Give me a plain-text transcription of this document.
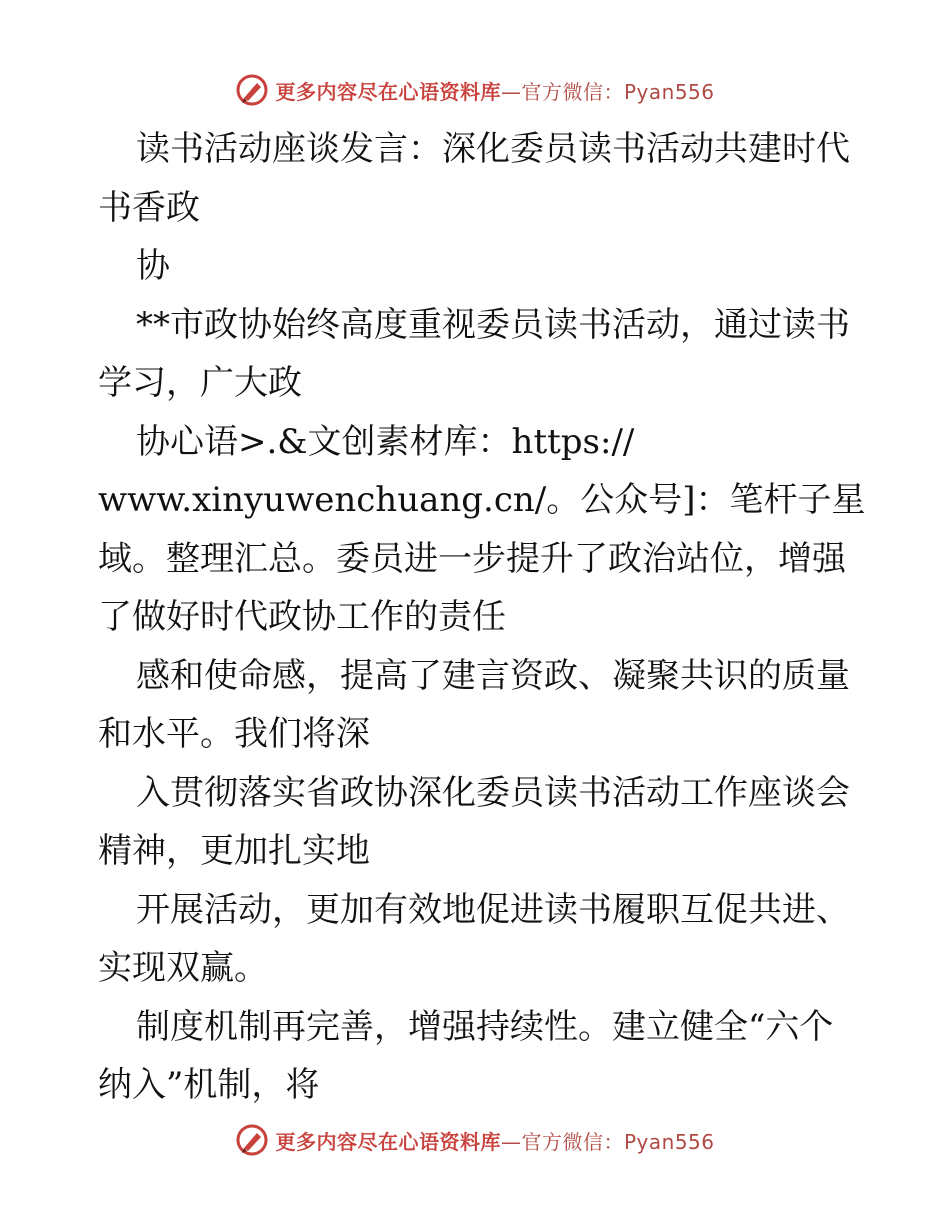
更多内容尽在心语资料库—官方微信：Pyan556
读书活动座谈发言：深化委员读书活动共建时代
书香政
协
**市政协始终高度重视委员读书活动，通过读书
学习，广大政
协心语>.&文创素材库：https://
www.xinyuwenchuang.cn/。公众号]：笔杆子星
域。整理汇总。委员进一步提升了政治站位，增强
了做好时代政协工作的责任
感和使命感，提高了建言资政、凝聚共识的质量
和水平。我们将深
入贯彻落实省政协深化委员读书活动工作座谈会
精神，更加扎实地
开展活动，更加有效地促进读书履职互促共进、
实现双赢。
制度机制再完善，增强持续性。建立健全“六个
纳入”机制，将
更多内容尽在心语资料库—官方微信：Pyan556
